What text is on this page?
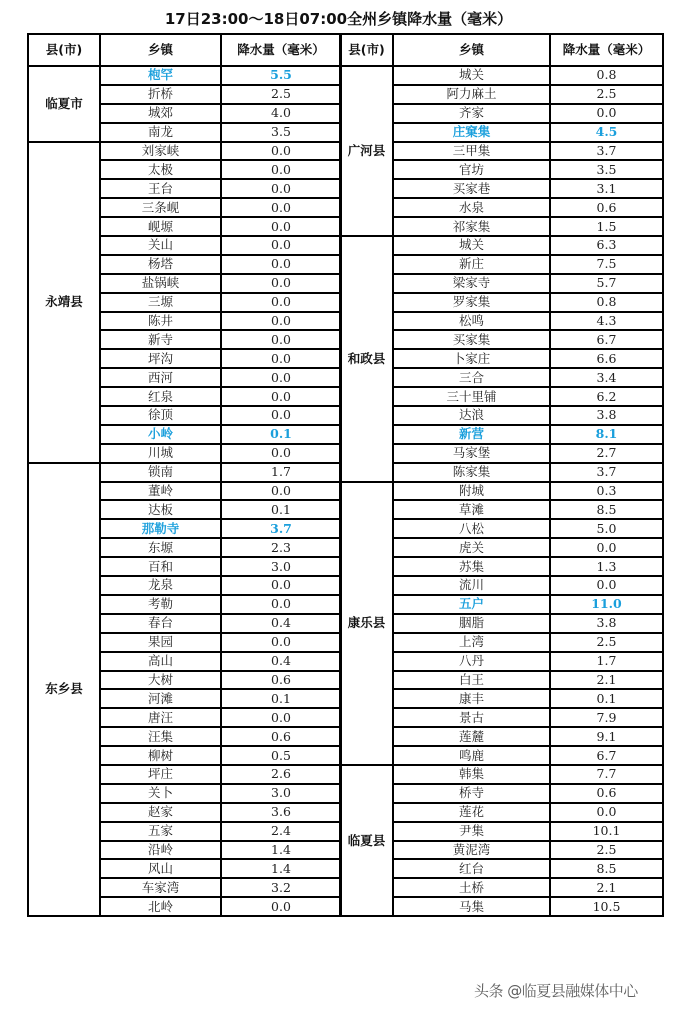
17日23:00～18日07:00全州乡镇降水量（毫米）
县(市)	乡镇	降水量（毫米）
临夏市	枹罕	5.5
	折桥	2.5
	城郊	4.0
	南龙	3.5
永靖县	刘家峡	0.0
	太极	0.0
	王台	0.0
	三条岘	0.0
	岘塬	0.0
	关山	0.0
	杨塔	0.0
	盐锅峡	0.0
	三塬	0.0
	陈井	0.0
	新寺	0.0
	坪沟	0.0
	西河	0.0
	红泉	0.0
	徐顶	0.0
	小岭	0.1
	川城	0.0
东乡县	锁南	1.7
	董岭	0.0
	达板	0.1
	那勒寺	3.7
	东塬	2.3
	百和	3.0
	龙泉	0.0
	考勒	0.0
	春台	0.4
	果园	0.0
	高山	0.4
	大树	0.6
	河滩	0.1
	唐汪	0.0
	汪集	0.6
	柳树	0.5
	坪庄	2.6
	关卜	3.0
	赵家	3.6
	五家	2.4
	沿岭	1.4
	风山	1.4
	车家湾	3.2
	北岭	0.0
县(市)	乡镇	降水量（毫米）
广河县	城关	0.8
	阿力麻土	2.5
	齐家	0.0
	庄窠集	4.5
	三甲集	3.7
	官坊	3.5
	买家巷	3.1
	水泉	0.6
	祁家集	1.5
和政县	城关	6.3
	新庄	7.5
	梁家寺	5.7
	罗家集	0.8
	松鸣	4.3
	买家集	6.7
	卜家庄	6.6
	三合	3.4
	三十里铺	6.2
	达浪	3.8
	新营	8.1
	马家堡	2.7
	陈家集	3.7
康乐县	附城	0.3
	草滩	8.5
	八松	5.0
	虎关	0.0
	苏集	1.3
	流川	0.0
	五户	11.0
	胭脂	3.8
	上湾	2.5
	八丹	1.7
	白王	2.1
	康丰	0.1
	景古	7.9
	莲麓	9.1
	鸣鹿	6.7
临夏县	韩集	7.7
	桥寺	0.6
	莲花	0.0
	尹集	10.1
	黄泥湾	2.5
	红台	8.5
	土桥	2.1
	马集	10.5
头条 @临夏县融媒体中心
